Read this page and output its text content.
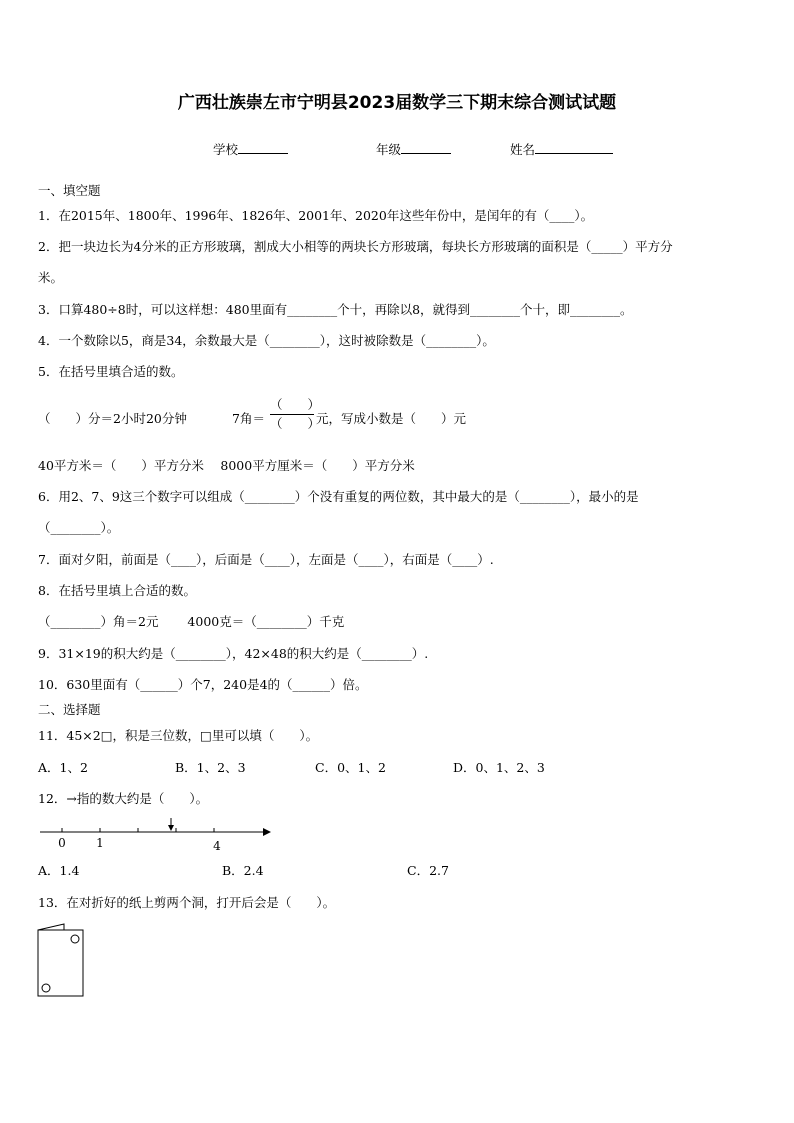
广西壮族崇左市宁明县2023届数学三下期末综合测试试题
学校	年级	姓名
一、填空题
1．在2015年、1800年、1996年、1826年、2001年、2020年这些年份中，是闰年的有（____）。
2．把一块边长为4分米的正方形玻璃，割成大小相等的两块长方形玻璃，每块长方形玻璃的面积是（_____）平方分
米。
3．口算480÷8时，可以这样想：480里面有________个十，再除以8，就得到________个十，即________。
4．一个数除以5，商是34，余数最大是（________），这时被除数是（________）。
5．在括号里填合适的数。
（　　）分＝2小时20分钟	7角＝
（　　）
（　　）
元，写成小数是（　　）元
40平方米＝（　　）平方分米　 8000平方厘米＝（　　）平方分米
6．用2、7、9这三个数字可以组成（________）个没有重复的两位数，其中最大的是（________），最小的是
（________）。
7．面对夕阳，前面是（____），后面是（____），左面是（____），右面是（____）.
8．在括号里填上合适的数。
（________）角＝2元　　 4000克＝（________）千克
9．31×19的积大约是（________），42×48的积大约是（________）.
10．630里面有（______）个7，240是4的（______）倍。
二、选择题
11．45×2□，积是三位数，□里可以填（　　）。
A．1、2	B．1、2、3	C．0、1、2	D．0、1、2、3
12．→指的数大约是（　　）。
0	1	4
A．1.4	B．2.4	C．2.7
13．在对折好的纸上剪两个洞，打开后会是（　　）。
